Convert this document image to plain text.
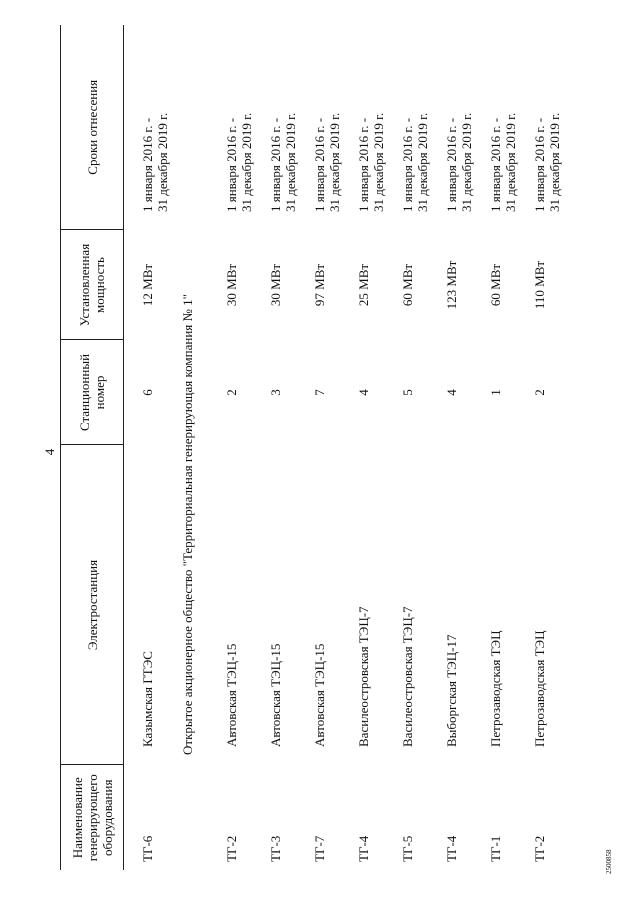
4
2500858
Наименование генерирующего оборудования	Электростанция	Станционный номер	Установленная мощность	Сроки отнесения
ТГ-6	Казымская ГТЭС	6	12 МВт	1 января 2016 г. - 31 декабря 2019 г.

	Открытое акционерное общество "Территориальная генерирующая компания № 1"			
ТГ-2	Автовская ТЭЦ-15	2	30 МВт	1 января 2016 г. - 31 декабря 2019 г.

ТГ-3	Автовская ТЭЦ-15	3	30 МВт	1 января 2016 г. - 31 декабря 2019 г.

ТГ-7	Автовская ТЭЦ-15	7	97 МВт	1 января 2016 г. - 31 декабря 2019 г.

ТГ-4	Василеостровская ТЭЦ-7	4	25 МВт	1 января 2016 г. - 31 декабря 2019 г.

ТГ-5	Василеостровская ТЭЦ-7	5	60 МВт	1 января 2016 г. - 31 декабря 2019 г.

ТГ-4	Выборгская ТЭЦ-17	4	123 МВт	1 января 2016 г. - 31 декабря 2019 г.

ТГ-1	Петрозаводская ТЭЦ	1	60 МВт	1 января 2016 г. - 31 декабря 2019 г.

ТГ-2	Петрозаводская ТЭЦ	2	110 МВт	1 января 2016 г. - 31 декабря 2019 г.
